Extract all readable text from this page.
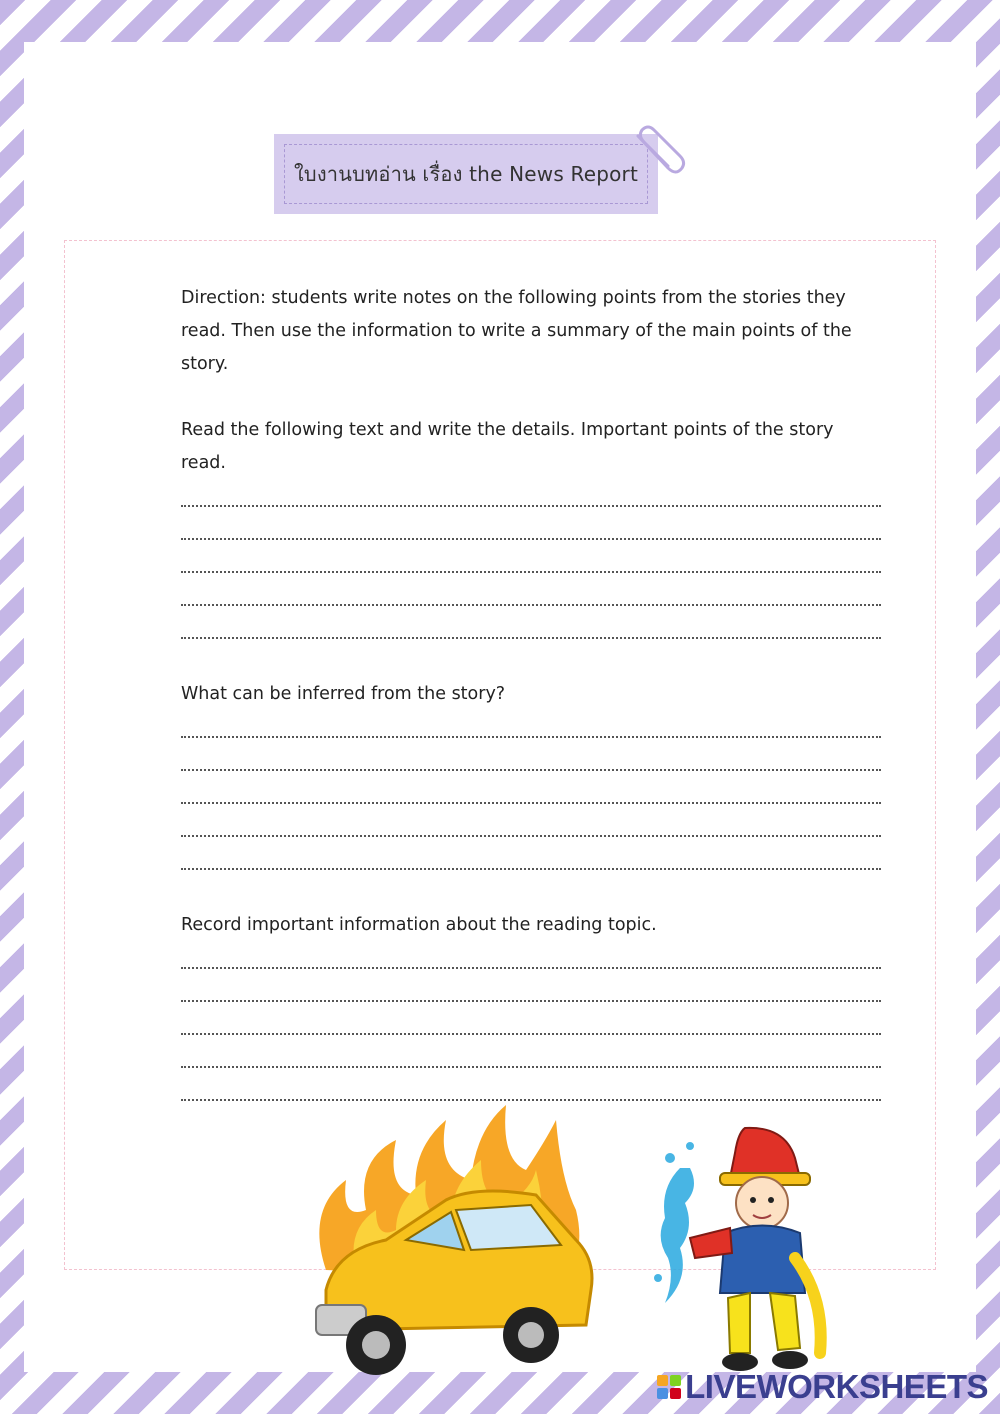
ใบงานบทอ่าน เรื่อง the News Report

Direction: students write notes on the following points from the stories they read. Then use the information to write a summary of the main points of the story.

Read the following text and write the details. Important points of the story read.

What can be inferred from the story?

Record important information about the reading topic.

LIVEWORKSHEETS
